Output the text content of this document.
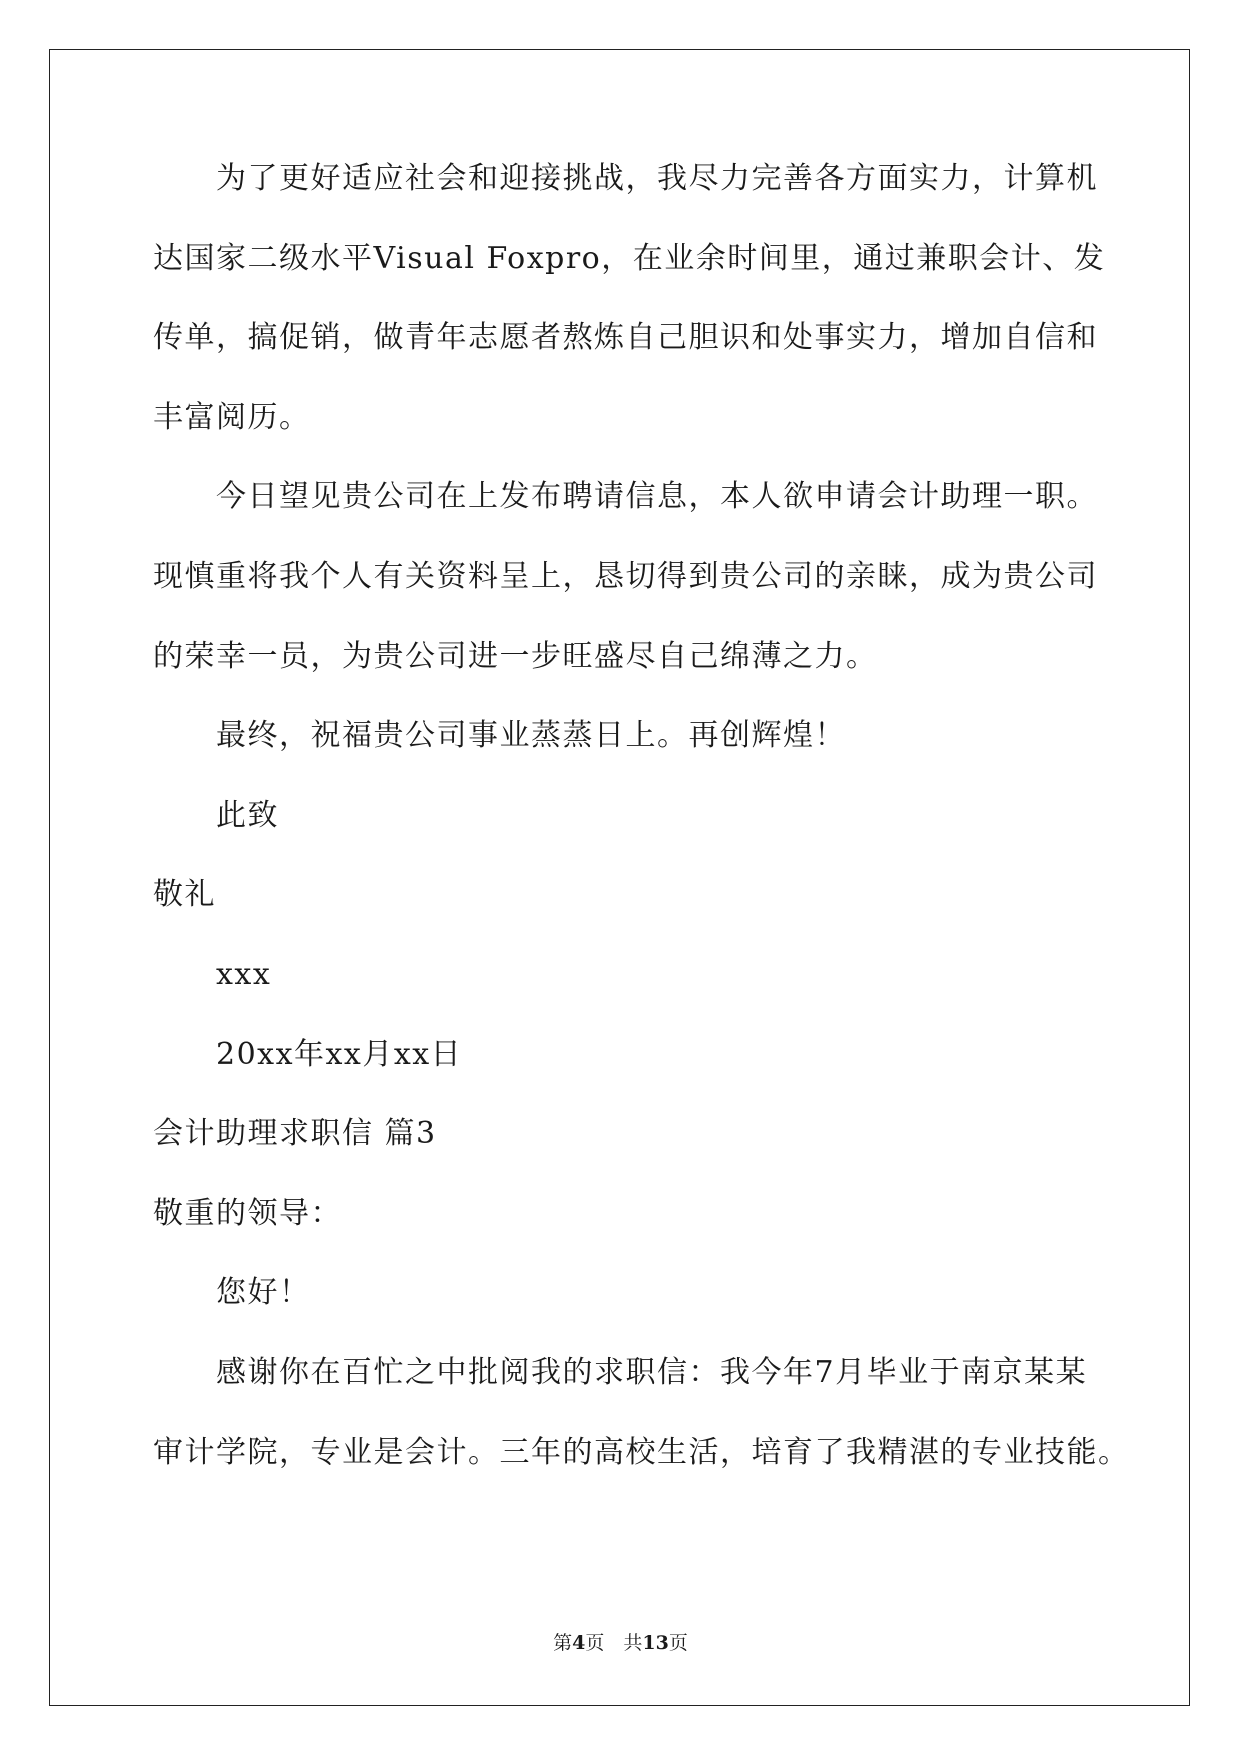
为了更好适应社会和迎接挑战，我尽力完善各方面实力，计算机
达国家二级水平Visual Foxpro，在业余时间里，通过兼职会计、发
传单，搞促销，做青年志愿者熬炼自己胆识和处事实力，增加自信和
丰富阅历。
今日望见贵公司在上发布聘请信息，本人欲申请会计助理一职。
现慎重将我个人有关资料呈上，恳切得到贵公司的亲睐，成为贵公司
的荣幸一员，为贵公司进一步旺盛尽自己绵薄之力。
最终，祝福贵公司事业蒸蒸日上。再创辉煌！
此致
敬礼
xxx
20xx年xx月xx日
会计助理求职信 篇3
敬重的领导：
您好！
感谢你在百忙之中批阅我的求职信：我今年7月毕业于南京某某
审计学院，专业是会计。三年的高校生活，培育了我精湛的专业技能。
第4页　共13页
